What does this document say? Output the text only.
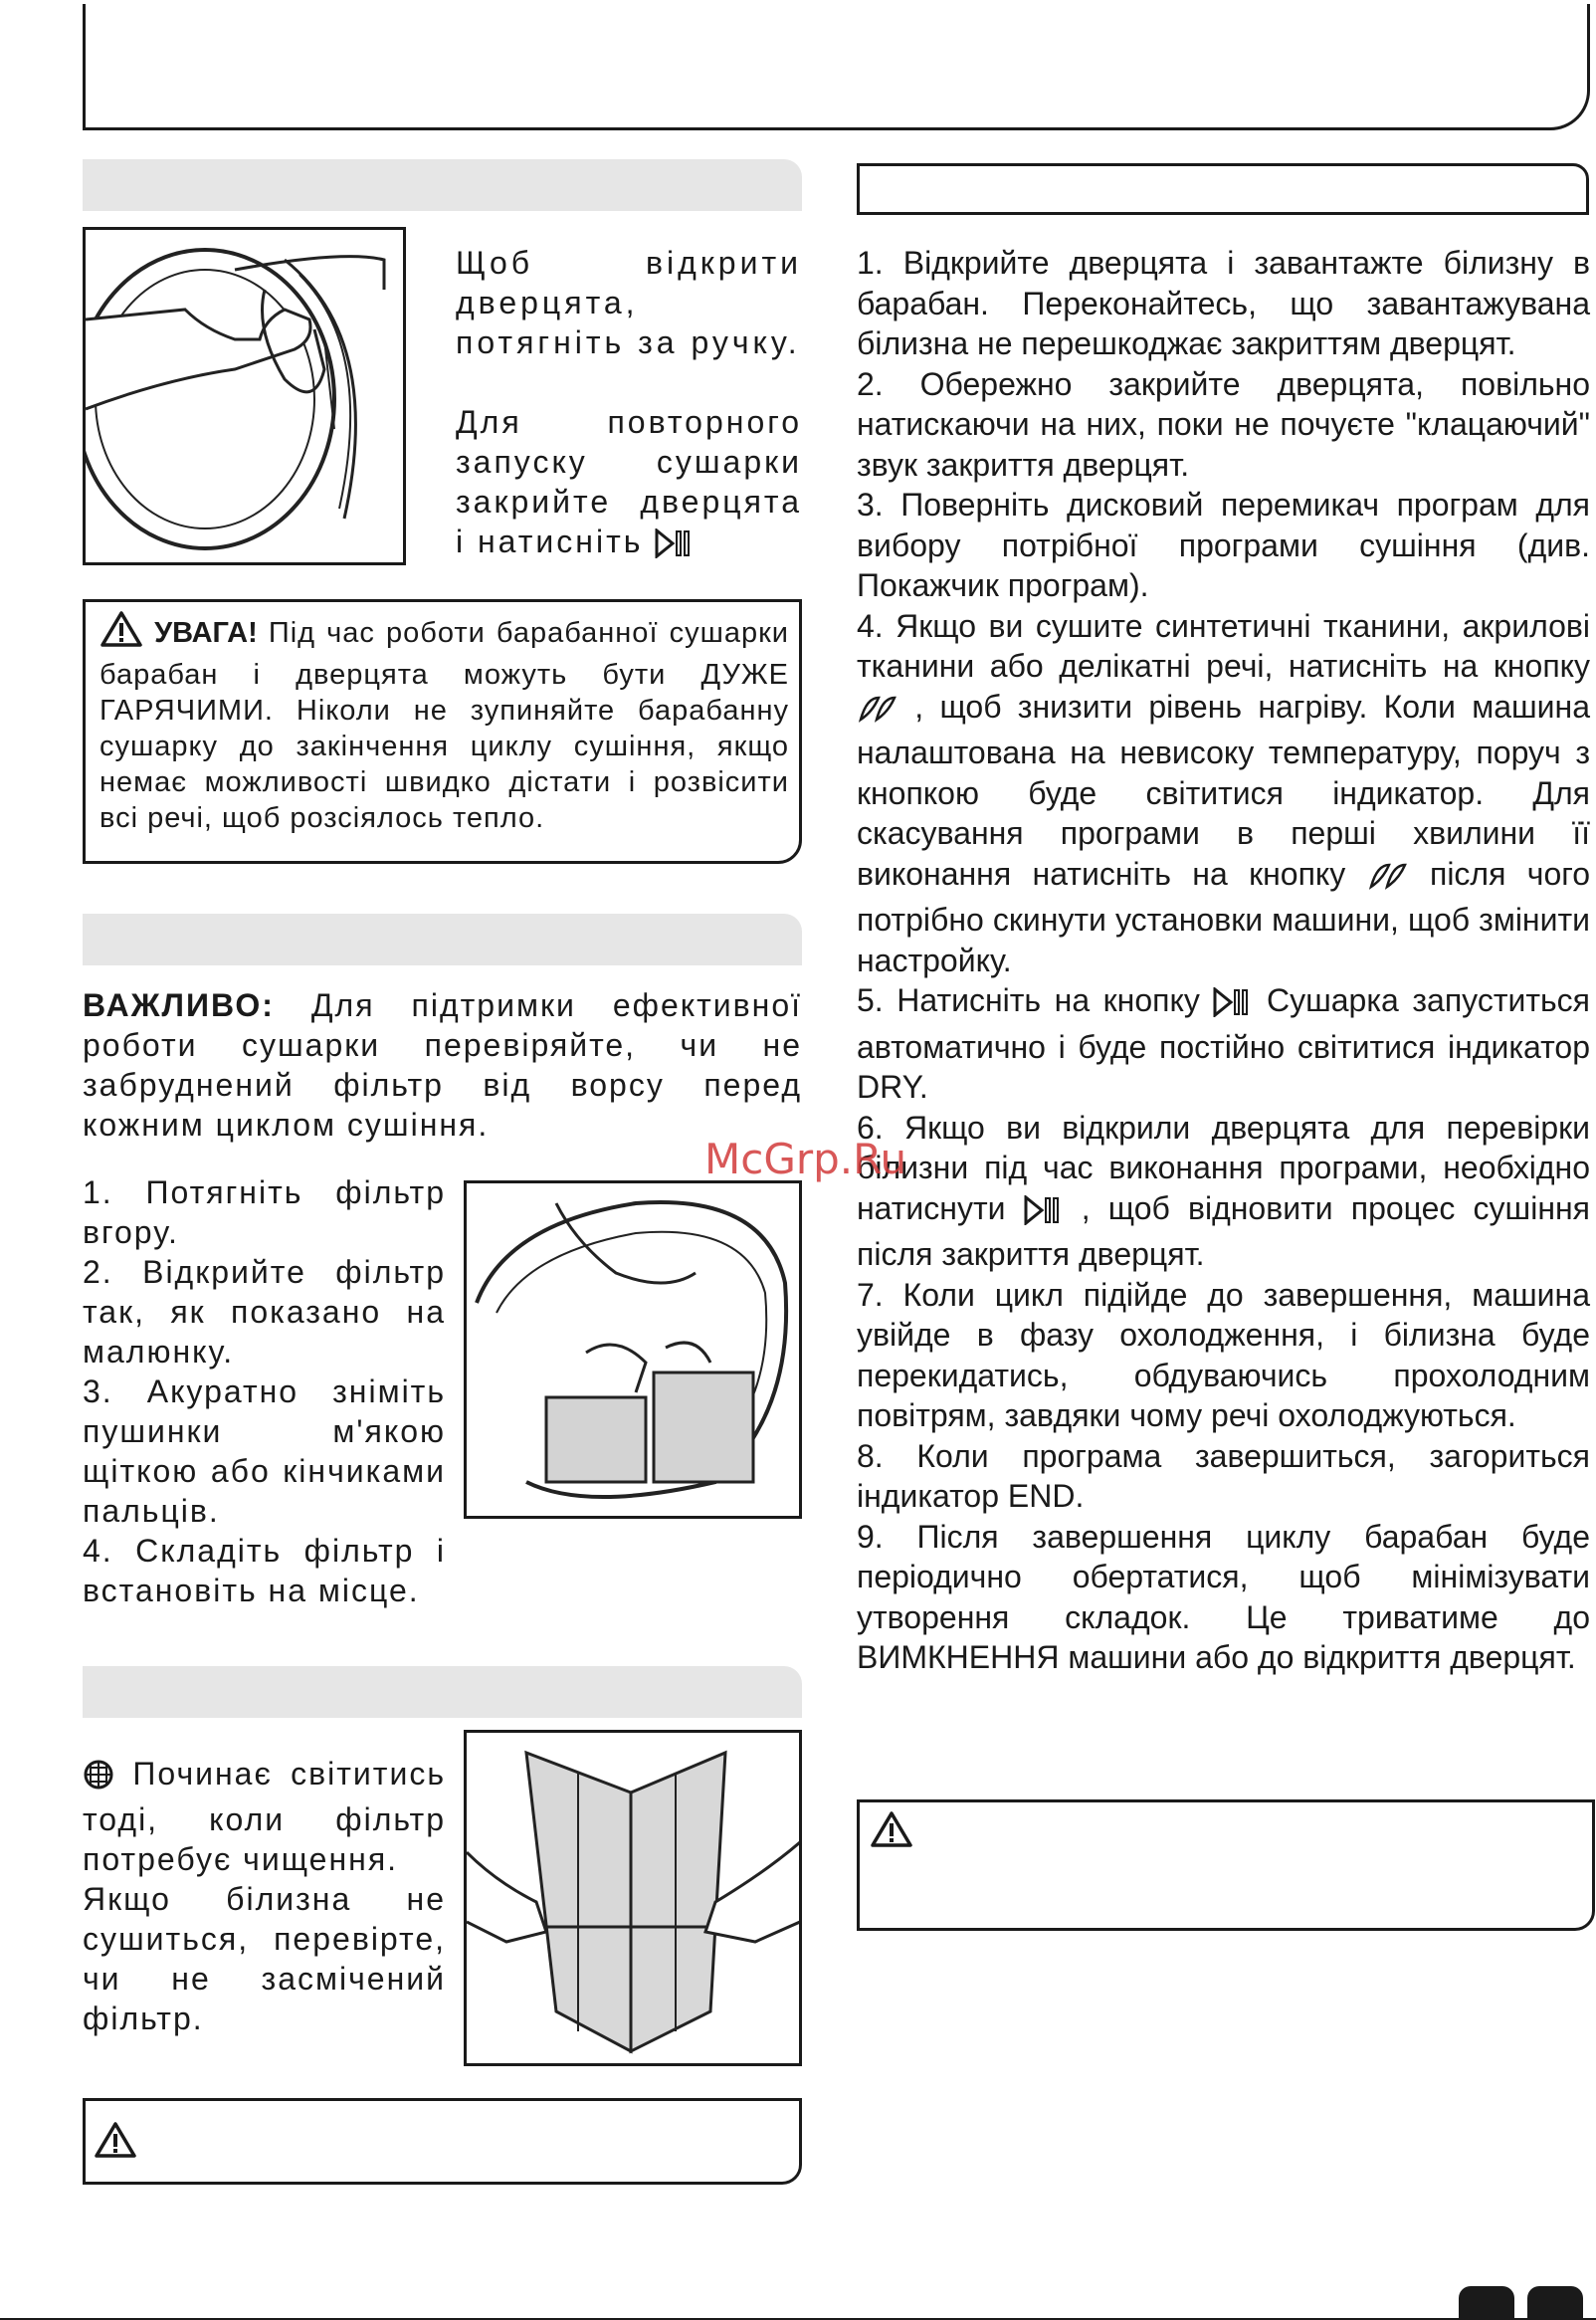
Щоб відкрити дверцята, потягніть за ручку.

Для повторного запуску сушарки закрийте дверцята і натисніть

УВАГА! Під час роботи барабанної сушарки барабан і дверцята можуть бути ДУЖЕ ГАРЯЧИМИ. Ніколи не зупиняйте барабанну сушарку до закінчення циклу сушіння, якщо немає можливості швидко дістати і розвісити всі речі, щоб розсіялось тепло.
ВАЖЛИВО: Для підтримки ефективної роботи сушарки перевіряйте, чи не забруднений фільтр від ворсу перед кожним циклом сушіння.

1. Потягніть фільтр вгору.

2. Відкрийте фільтр так, як показано на малюнку.

3. Акуратно зніміть пушинки м'якою щіткою або кінчиками пальців.

4. Складіть фільтр і встановіть на місце.

Починає світитись тоді, коли фільтр потребує чищення.

Якщо білизна не сушиться, перевірте, чи не засмічений фільтр.

1. Відкрийте дверцята і завантажте білизну в барабан. Переконайтесь, що завантажувана білизна не перешкоджає закриттям дверцят.

2. Обережно закрийте дверцята, повільно натискаючи на них, поки не почуєте "клацаючий" звук закриття дверцят.

3. Поверніть дисковий перемикач програм для вибору потрібної програми сушіння (див. Покажчик програм).

4. Якщо ви сушите синтетичні тканини, акрилові тканини або делікатні речі, натисніть на кнопку  , щоб знизити рівень нагріву. Коли машина налаштована на невисоку температуру, поруч з кнопкою буде світитися індикатор. Для скасування програми в перші хвилини її виконання натисніть на кнопку	після чого потрібно скинути установки машини, щоб змінити настройку.

5. Натисніть на кнопку Сушарка запуститься автоматично і буде постійно світитися індикатор DRY.

6. Якщо ви відкрили дверцята для перевірки білизни під час виконання програми, необхідно натиснути , щоб відновити процес сушіння після закриття дверцят.

7. Коли цикл підійде до завершення, машина увійде в фазу охолодження, і білизна буде перекидатись, обдуваючись прохолодним повітрям, завдяки чому речі охолоджуються.

8. Коли програма завершиться, загориться індикатор END.

9. Після завершення циклу барабан буде періодично обертатися, щоб мінімізувати утворення складок. Це триватиме до ВИМКНЕННЯ машини або до відкриття дверцят.

McGrp.Ru
